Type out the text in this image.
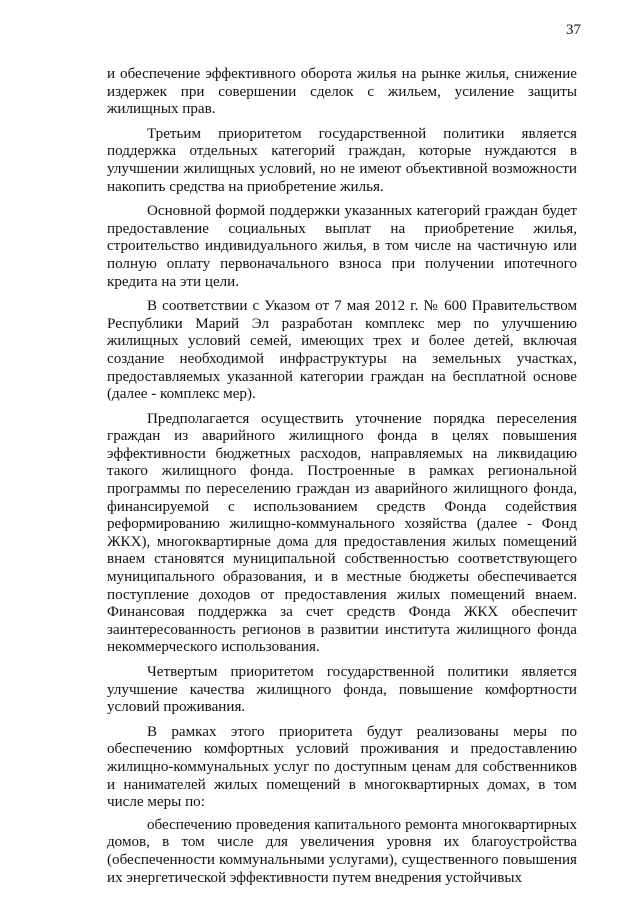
37

и обеспечение эффективного оборота жилья на рынке жилья, снижение издержек при совершении сделок с жильем, усиление защиты жилищных прав.

Третьим приоритетом государственной политики является поддержка отдельных категорий граждан, которые нуждаются в улучшении жилищных условий, но не имеют объективной возможности накопить средства на приобретение жилья.

Основной формой поддержки указанных категорий граждан будет предоставление социальных выплат на приобретение жилья, строительство индивидуального жилья, в том числе на частичную или полную оплату первоначального взноса при получении ипотечного кредита на эти цели.

В соответствии с Указом от 7 мая 2012 г. № 600 Правительством Республики Марий Эл разработан комплекс мер по улучшению жилищных условий семей, имеющих трех и более детей, включая создание необходимой инфраструктуры на земельных участках, предоставляемых указанной категории граждан на бесплатной основе (далее - комплекс мер).

Предполагается осуществить уточнение порядка переселения граждан из аварийного жилищного фонда в целях повышения эффективности бюджетных расходов, направляемых на ликвидацию такого жилищного фонда. Построенные в рамках региональной программы по переселению граждан из аварийного жилищного фонда, финансируемой с использованием средств Фонда содействия реформированию жилищно-коммунального хозяйства (далее - Фонд ЖКХ), многоквартирные дома для предоставления жилых помещений внаем становятся муниципальной собственностью соответствующего муниципального образования, и в местные бюджеты обеспечивается поступление доходов от предоставления жилых помещений внаем. Финансовая поддержка за счет средств Фонда ЖКХ обеспечит заинтересованность регионов в развитии института жилищного фонда некоммерческого использования.

Четвертым приоритетом государственной политики является улучшение качества жилищного фонда, повышение комфортности условий проживания.

В рамках этого приоритета будут реализованы меры по обеспечению комфортных условий проживания и предоставлению жилищно-коммунальных услуг по доступным ценам для собственников и нанимателей жилых помещений в многоквартирных домах, в том числе меры по:

обеспечению проведения капитального ремонта многоквартирных домов, в том числе для увеличения уровня их благоустройства (обеспеченности коммунальными услугами), существенного повышения их энергетической эффективности путем внедрения устойчивых
